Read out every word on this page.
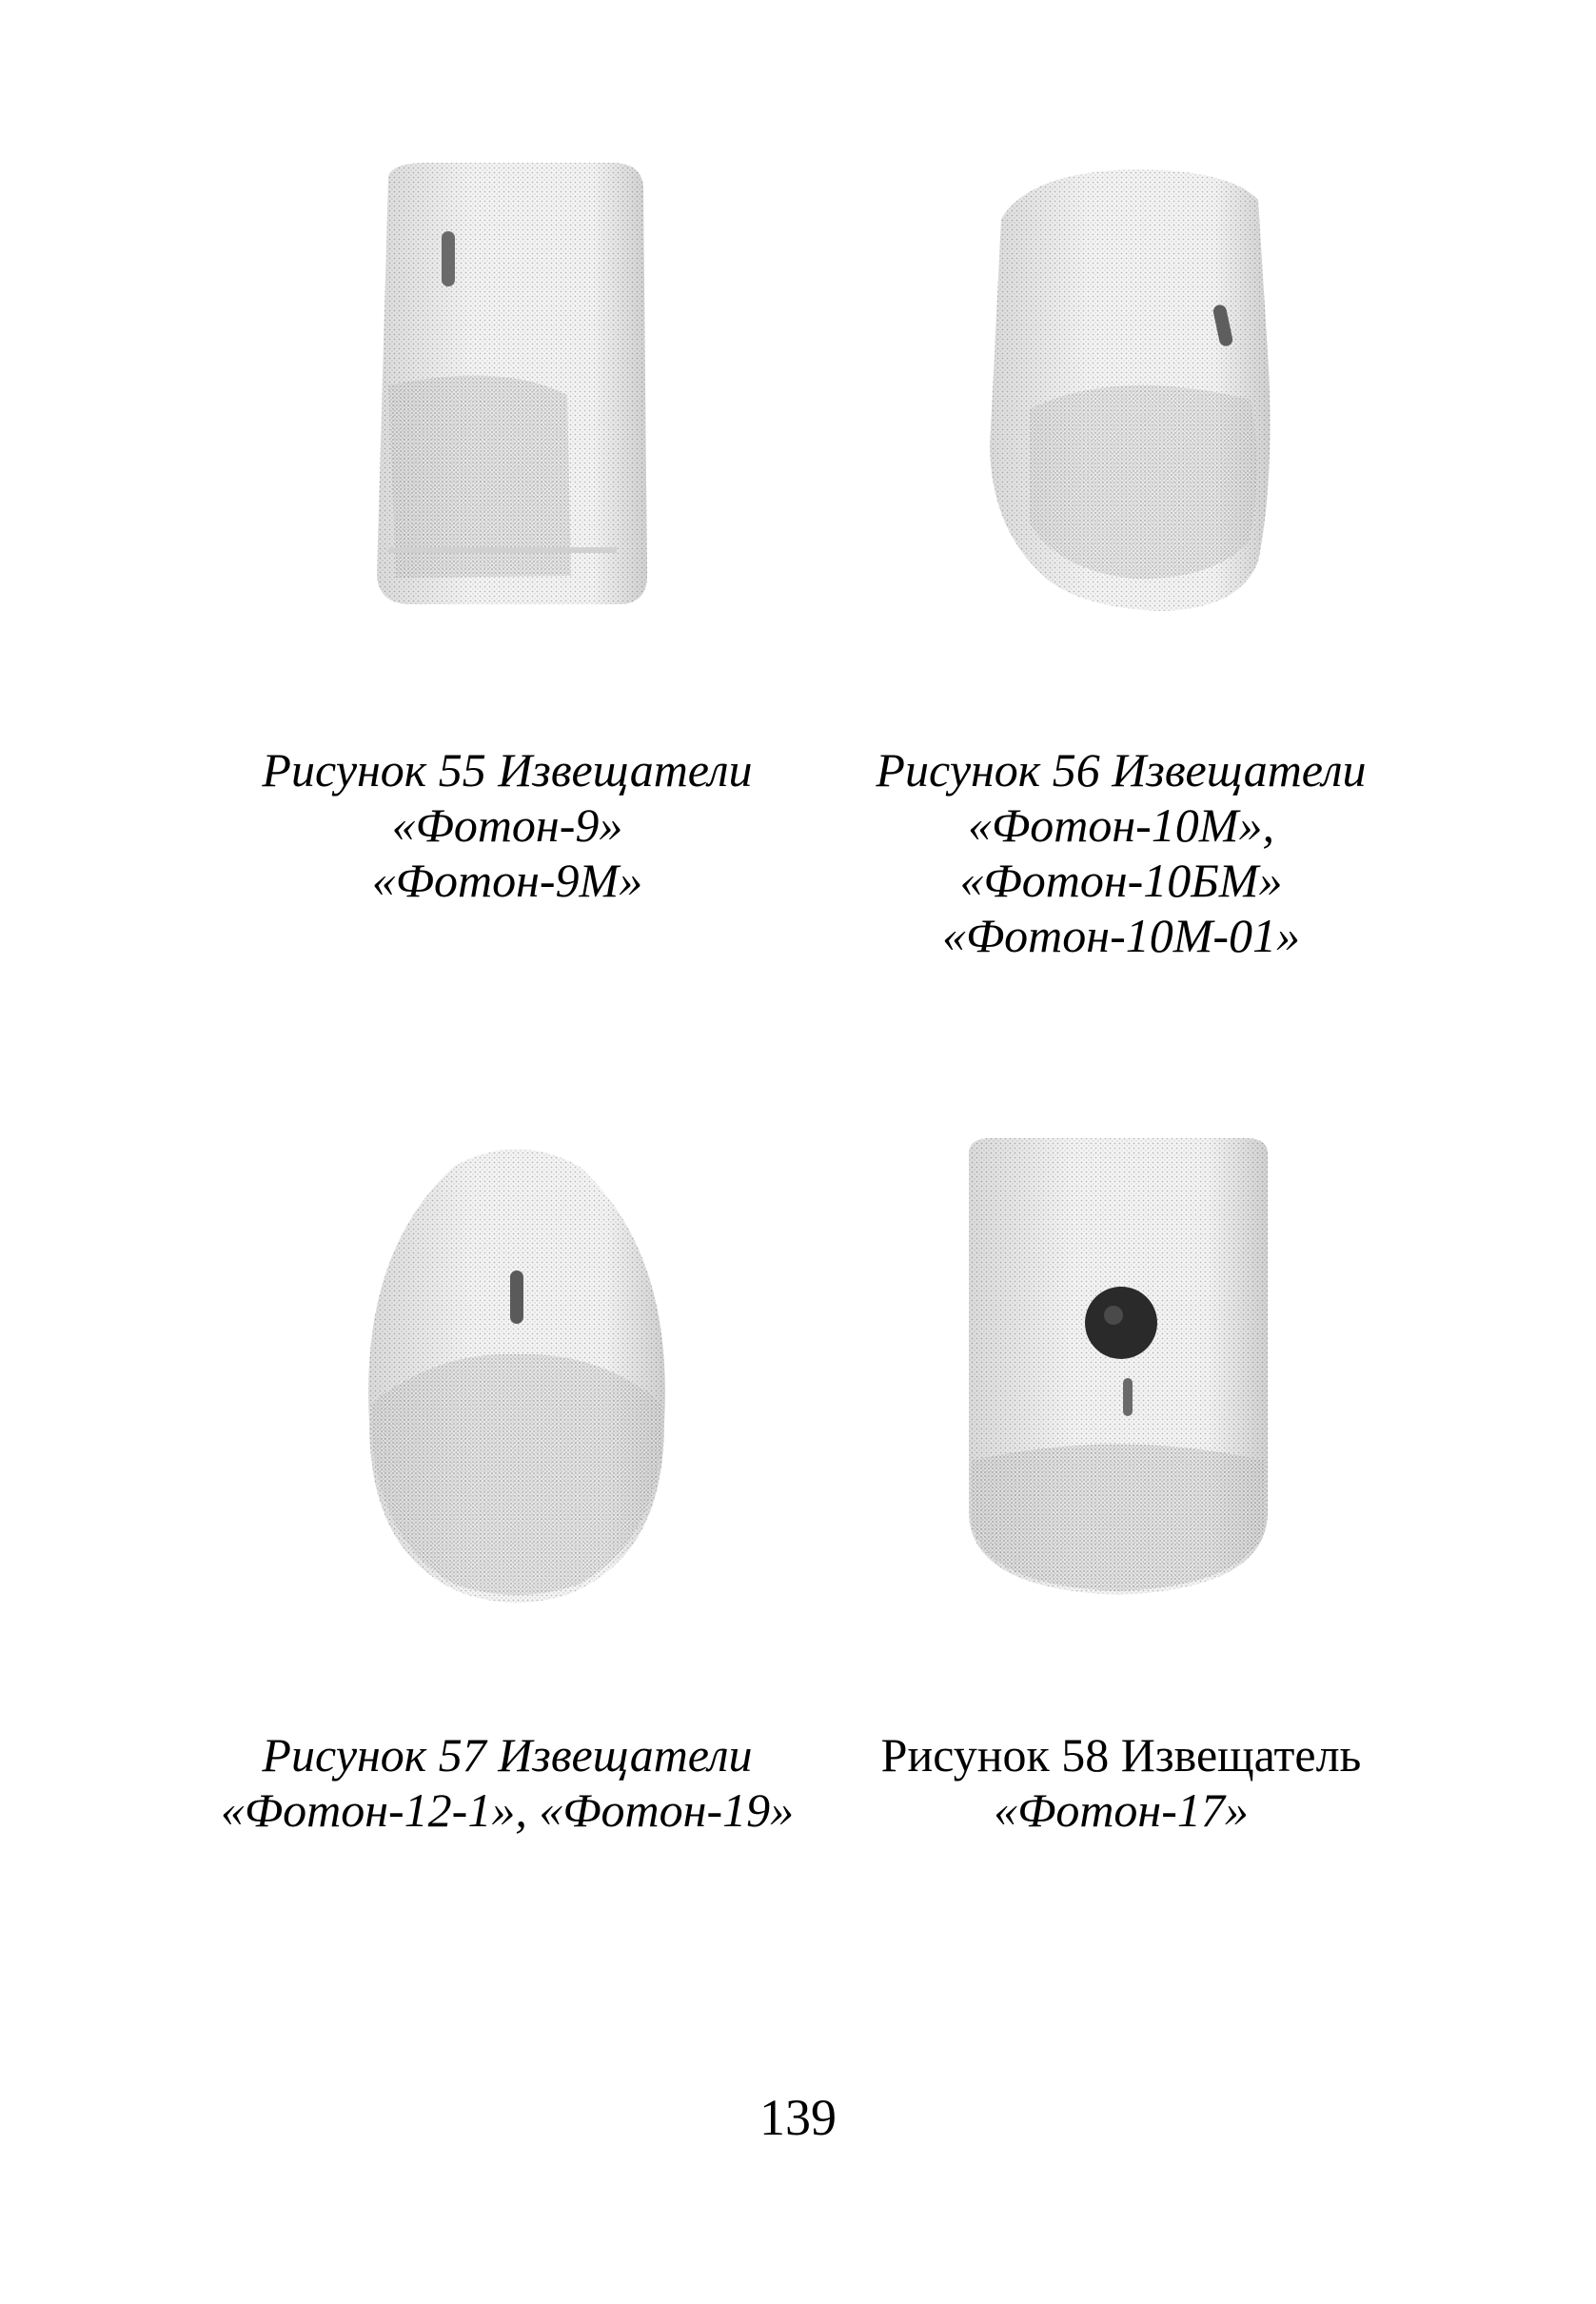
Рисунок 55 Извещатели
«Фотон-9»
«Фотон-9М»
Рисунок 56 Извещатели
«Фотон-10М»,
«Фотон-10БМ»
«Фотон-10М-01»
Рисунок 57 Извещатели
«Фотон-12-1», «Фотон-19»
Рисунок 58 Извещатель
«Фотон-17»
139
